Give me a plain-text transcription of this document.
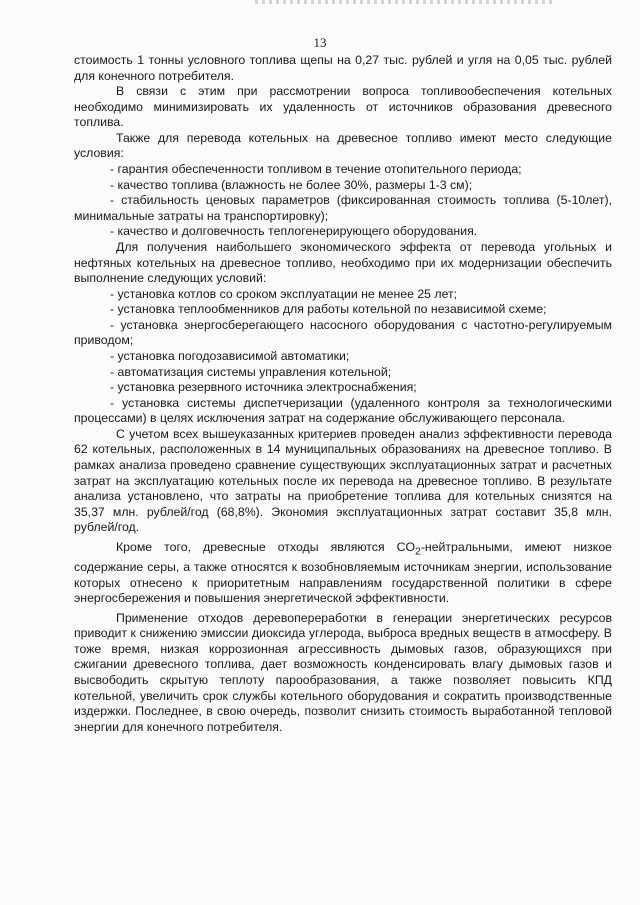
13

стоимость 1 тонны условного топлива щепы на 0,27 тыс. рублей и угля на 0,05 тыс. рублей для конечного потребителя.

В связи с этим при рассмотрении вопроса топливообеспечения котельных необходимо минимизировать их удаленность от источников образования древесного топлива.

Также для перевода котельных на древесное топливо имеют место следующие условия:

- гарантия обеспеченности топливом в течение отопительного периода;

- качество топлива (влажность не более 30%, размеры 1-3 см);

- стабильность ценовых параметров (фиксированная стоимость топлива (5-10лет), минимальные затраты на транспортировку);

- качество и долговечность теплогенерирующего оборудования.

Для получения наибольшего экономического эффекта от перевода угольных и нефтяных котельных на древесное топливо, необходимо при их модернизации обеспечить выполнение следующих условий:

- установка котлов со сроком эксплуатации не менее 25 лет;

- установка теплообменников для работы котельной по независимой схеме;

- установка энергосберегающего насосного оборудования с частотно-регулируемым приводом;

- установка погодозависимой автоматики;

- автоматизация системы управления котельной;

- установка резервного источника электроснабжения;

- установка системы диспетчеризации (удаленного контроля за технологическими процессами) в целях исключения затрат на содержание обслуживающего персонала.

С учетом всех вышеуказанных критериев проведен анализ эффективности перевода 62 котельных, расположенных в 14 муниципальных образованиях на древесное топливо. В рамках анализа проведено сравнение существующих эксплуатационных затрат и расчетных затрат на эксплуатацию котельных после их перевода на древесное топливо. В результате анализа установлено, что затраты на приобретение топлива для котельных снизятся на 35,37 млн. рублей/год (68,8%). Экономия эксплуатационных затрат составит 35,8 млн. рублей/год.

Кроме того, древесные отходы являются $CO_2$-нейтральными, имеют низкое содержание серы, а также относятся к возобновляемым источникам энергии, использование которых отнесено к приоритетным направлениям государственной политики в сфере энергосбережения и повышения энергетической эффективности.

Применение отходов деревопереработки в генерации энергетических ресурсов приводит к снижению эмиссии диоксида углерода, выброса вредных веществ в атмосферу. В тоже время, низкая коррозионная агрессивность дымовых газов, образующихся при сжигании древесного топлива, дает возможность конденсировать влагу дымовых газов и высвободить скрытую теплоту парообразования, а также позволяет повысить КПД котельной, увеличить срок службы котельного оборудования и сократить производственные издержки. Последнее, в свою очередь, позволит снизить стоимость выработанной тепловой энергии для конечного потребителя.
